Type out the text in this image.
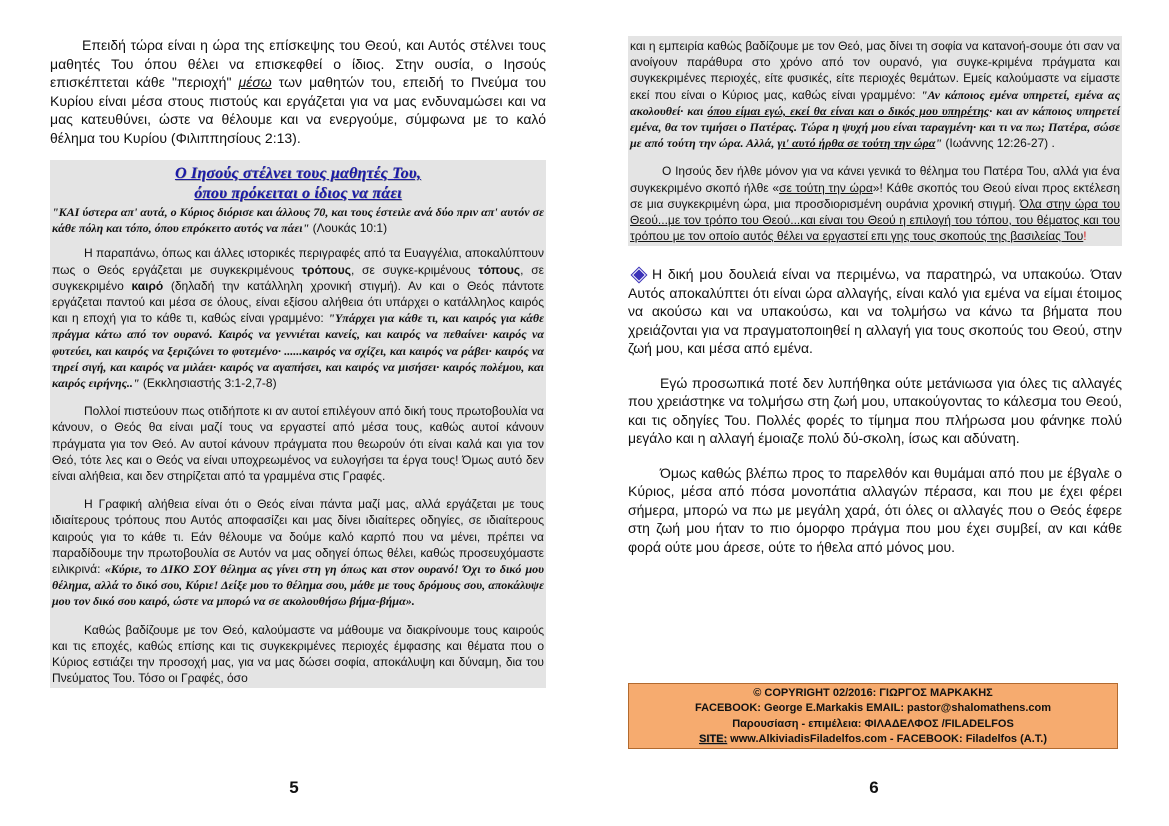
Επειδή τώρα είναι η ώρα της επίσκεψης του Θεού, και Αυτός στέλνει τους μαθητές Του όπου θέλει να επισκεφθεί ο ίδιος. Στην ουσία, ο Ιησούς επισκέπτεται κάθε "περιοχή" μέσω των μαθητών του, επειδή το Πνεύμα του Κυρίου είναι μέσα στους πιστούς και εργάζεται για να μας ενδυναμώσει και να μας κατευθύνει, ώστε να θέλουμε και να ενεργούμε, σύμφωνα με το καλό θέλημα του Κυρίου (Φιλιππησίους 2:13).

Ο Ιησούς στέλνει τους μαθητές Του,
όπου πρόκειται ο ίδιος να πάει

"ΚΑΙ ύστερα απ' αυτά, ο Κύριος διόρισε και άλλους 70, και τους έστειλε ανά δύο πριν απ' αυτόν σε κάθε πόλη και τόπο, όπου επρόκειτο αυτός να πάει" (Λουκάς 10:1)

Η παραπάνω, όπως και άλλες ιστορικές περιγραφές από τα Ευαγγέλια, αποκαλύπτουν πως ο Θεός εργάζεται με συγκεκριμένους τρόπους, σε συγκε-κριμένους τόπους, σε συγκεκριμένο καιρό (δηλαδή την κατάλληλη χρονική στιγμή). Αν και ο Θεός πάντοτε εργάζεται παντού και μέσα σε όλους, είναι εξίσου αλήθεια ότι υπάρχει ο κατάλληλος καιρός και η εποχή για το κάθε τι, καθώς είναι γραμμένο: "Υπάρχει για κάθε τι, και καιρός για κάθε πράγμα κάτω από τον ουρανό. Καιρός να γεννιέται κανείς, και καιρός να πεθαίνει· καιρός να φυτεύει, και καιρός να ξεριζώνει το φυτεμένο· ......καιρός να σχίζει, και καιρός να ράβει· καιρός να τηρεί σιγή, και καιρός να μιλάει· καιρός να αγαπήσει, και καιρός να μισήσει· καιρός πολέμου, και καιρός ειρήνης.." (Εκκλησιαστής 3:1-2,7-8)

Πολλοί πιστεύουν πως οτιδήποτε κι αν αυτοί επιλέγουν από δική τους πρωτοβουλία να κάνουν, ο Θεός θα είναι μαζί τους να εργαστεί από μέσα τους, καθώς αυτοί κάνουν πράγματα για τον Θεό. Αν αυτοί κάνουν πράγματα που θεωρούν ότι είναι καλά και για τον Θεό, τότε λες και ο Θεός να είναι υποχρεωμένος να ευλογήσει τα έργα τους! Όμως αυτό δεν είναι αλήθεια, και δεν στηρίζεται από τα γραμμένα στις Γραφές.

Η Γραφική αλήθεια είναι ότι ο Θεός είναι πάντα μαζί μας, αλλά εργάζεται με τους ιδιαίτερους τρόπους που Αυτός αποφασίζει και μας δίνει ιδιαίτερες οδηγίες, σε ιδιαίτερους καιρούς για το κάθε τι. Εάν θέλουμε να δούμε καλό καρπό που να μένει, πρέπει να παραδίδουμε την πρωτοβουλία σε Αυτόν να μας οδηγεί όπως θέλει, καθώς προσευχόμαστε ειλικρινά: «Κύριε, το ΔΙΚΟ ΣΟΥ θέλημα ας γίνει στη γη όπως και στον ουρανό! Όχι το δικό μου θέλημα, αλλά το δικό σου, Κύριε! Δείξε μου το θέλημα σου, μάθε με τους δρόμους σου, αποκάλυψε μου τον δικό σου καιρό, ώστε να μπορώ να σε ακολουθήσω βήμα-βήμα».

Καθώς βαδίζουμε με τον Θεό, καλούμαστε να μάθουμε να διακρίνουμε τους καιρούς και τις εποχές, καθώς επίσης και τις συγκεκριμένες περιοχές έμφασης και θέματα που ο Κύριος εστιάζει την προσοχή μας, για να μας δώσει σοφία, αποκάλυψη και δύναμη, δια του Πνεύματος Του. Τόσο οι Γραφές, όσο

5

και η εμπειρία καθώς βαδίζουμε με τον Θεό, μας δίνει τη σοφία να κατανοή-σουμε ότι σαν να ανοίγουν παράθυρα στο χρόνο από τον ουρανό, για συγκε-κριμένα πράγματα και συγκεκριμένες περιοχές, είτε φυσικές, είτε περιοχές θεμάτων. Εμείς καλούμαστε να είμαστε εκεί που είναι ο Κύριος μας, καθώς είναι γραμμένο: "Αν κάποιος εμένα υπηρετεί, εμένα ας ακολουθεί· και όπου είμαι εγώ, εκεί θα είναι και ο δικός μου υπηρέτης· και αν κάποιος υπηρετεί εμένα, θα τον τιμήσει ο Πατέρας. Τώρα η ψυχή μου είναι ταραγμένη· και τι να πω; Πατέρα, σώσε με από τούτη την ώρα. Αλλά, γι' αυτό ήρθα σε τούτη την ώρα" (Ιωάννης 12:26-27) .

Ο Ιησούς δεν ήλθε μόνον για να κάνει γενικά το θέλημα του Πατέρα Του, αλλά για ένα συγκεκριμένο σκοπό ήλθε «σε τούτη την ώρα»! Κάθε σκοπός του Θεού είναι προς εκτέλεση σε μια συγκεκριμένη ώρα, μια προσδιορισμένη ουράνια χρονική στιγμή. Όλα στην ώρα του Θεού...με τον τρόπο του Θεού...και είναι του Θεού η επιλογή του τόπου, του θέματος και του τρόπου με τον οποίο αυτός θέλει να εργαστεί επι γης τους σκοπούς της βασιλείας Του!

Η δική μου δουλειά είναι να περιμένω, να παρατηρώ, να υπακούω. Όταν Αυτός αποκαλύπτει ότι είναι ώρα αλλαγής, είναι καλό για εμένα να είμαι έτοιμος να ακούσω και να υπακούσω, και να τολμήσω να κάνω τα βήματα που χρειάζονται για να πραγματοποιηθεί η αλλαγή για τους σκοπούς του Θεού, στην ζωή μου, και μέσα από εμένα.

Εγώ προσωπικά ποτέ δεν λυπήθηκα ούτε μετάνιωσα για όλες τις αλλαγές που χρειάστηκε να τολμήσω στη ζωή μου, υπακούγοντας το κάλεσμα του Θεού, και τις οδηγίες Του. Πολλές φορές το τίμημα που πλήρωσα μου φάνηκε πολύ μεγάλο και η αλλαγή έμοιαζε πολύ δύ-σκολη, ίσως και αδύνατη.

Όμως καθώς βλέπω προς το παρελθόν και θυμάμαι από που με έβγαλε ο Κύριος, μέσα από πόσα μονοπάτια αλλαγών πέρασα, και που με έχει φέρει σήμερα, μπορώ να πω με μεγάλη χαρά, ότι όλες οι αλλαγές που ο Θεός έφερε στη ζωή μου ήταν το πιο όμορφο πράγμα που μου έχει συμβεί, αν και κάθε φορά ούτε μου άρεσε, ούτε το ήθελα από μόνος μου.

© COPYRIGHT 02/2016: ΓΙΩΡΓΟΣ ΜΑΡΚΑΚΗΣ
FACEBOOK: George E.Markakis EMAIL: pastor@shalomathens.com
Παρουσίαση - επιμέλεια: ΦΙΛΑΔΕΛΦΟΣ /FILADELFOS
SITE: www.AlkiviadisFiladelfos.com - FACEBOOK: Filadelfos (A.T.)
6
